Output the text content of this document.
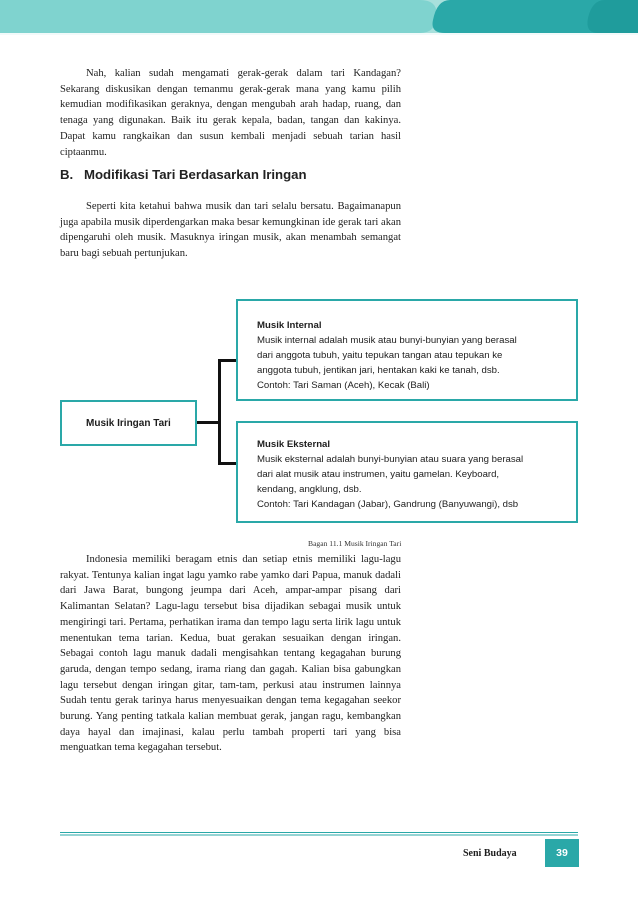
Nah, kalian sudah mengamati gerak-gerak dalam tari Kandagan? Sekarang diskusikan dengan temanmu gerak-gerak mana yang kamu pilih kemudian modifikasikan geraknya, dengan mengubah arah hadap, ruang, dan tenaga yang digunakan. Baik itu gerak kepala, badan, tangan dan kakinya. Dapat kamu rangkaikan dan susun kembali menjadi sebuah tarian hasil ciptaanmu.

B. Modifikasi Tari Berdasarkan Iringan

Seperti kita ketahui bahwa musik dan tari selalu bersatu. Bagaimanapun juga apabila musik diperdengarkan maka besar kemungkinan ide gerak tari akan dipengaruhi oleh musik. Masuknya iringan musik, akan menambah semangat baru bagi sebuah pertunjukan.

Musik Iringan Tari
Musik Internal
Musik internal adalah musik atau bunyi-bunyian yang berasal
dari anggota tubuh, yaitu tepukan tangan atau tepukan ke
anggota tubuh, jentikan jari, hentakan kaki ke tanah, dsb.
Contoh: Tari Saman (Aceh), Kecak (Bali)
Musik Eksternal
Musik eksternal adalah bunyi-bunyian atau suara yang berasal
dari alat musik atau instrumen, yaitu gamelan. Keyboard,
kendang, angklung, dsb.
Contoh: Tari Kandagan (Jabar), Gandrung (Banyuwangi), dsb

Bagan 11.1 Musik Iringan Tari

Indonesia memiliki beragam etnis dan setiap etnis memiliki lagu-lagu rakyat. Tentunya kalian ingat lagu yamko rabe yamko dari Papua, manuk dadali dari Jawa Barat, bungong jeumpa dari Aceh, ampar-ampar pisang dari Kalimantan Selatan? Lagu-lagu tersebut bisa dijadikan sebagai musik untuk mengiringi tari. Pertama, perhatikan irama dan tempo lagu serta lirik lagu untuk menentukan tema tarian. Kedua, buat gerakan sesuaikan dengan iringan. Sebagai contoh lagu manuk dadali mengisahkan tentang kegagahan burung garuda, dengan tempo sedang, irama riang dan gagah. Kalian bisa gabungkan lagu tersebut dengan iringan gitar, tam-tam, perkusi atau instrumen lainnya Sudah tentu gerak tarinya harus menyesuaikan dengan tema kegagahan seekor burung. Yang penting tatkala kalian membuat gerak, jangan ragu, kembangkan daya hayal dan imajinasi, kalau perlu tambah properti tari yang bisa menguatkan tema kegagahan tersebut.

Seni Budaya	39
